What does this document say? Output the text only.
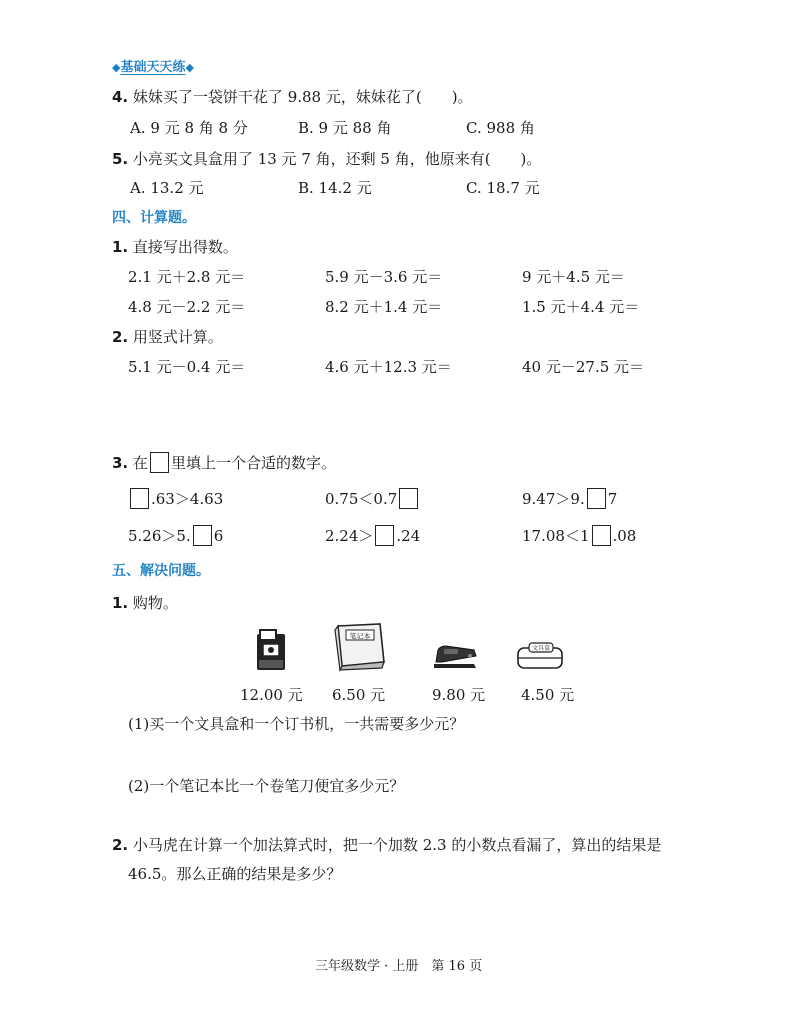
◆基础天天练◆
4. 妹妹买了一袋饼干花了 9.88 元，妹妹花了(　　)。
A. 9 元 8 角 8 分	B. 9 元 88 角	C. 988 角
5. 小亮买文具盒用了 13 元 7 角，还剩 5 角，他原来有(　　)。
A. 13.2 元	B. 14.2 元	C. 18.7 元
四、计算题。
1. 直接写出得数。
2.1 元＋2.8 元＝	5.9 元－3.6 元＝	9 元＋4.5 元＝
4.8 元－2.2 元＝	8.2 元＋1.4 元＝	1.5 元＋4.4 元＝
2. 用竖式计算。
5.1 元－0.4 元＝	4.6 元＋12.3 元＝	40 元－27.5 元＝
3. 在 里填上一个合适的数字。
.63＞4.63	0.75＜0.7	9.47＞9. 7
5.26＞5. 6	2.24＞ .24	17.08＜1 .08
五、解决问题。
1. 购物。
笔记本
文具盒
12.00 元 6.50 元	9.80 元 4.50 元
(1)买一个文具盒和一个订书机，一共需要多少元？
(2)一个笔记本比一个卷笔刀便宜多少元？
2. 小马虎在计算一个加法算式时，把一个加数 2.3 的小数点看漏了，算出的结果是
46.5。那么正确的结果是多少？
三年级数学 · 上册　第 16 页
